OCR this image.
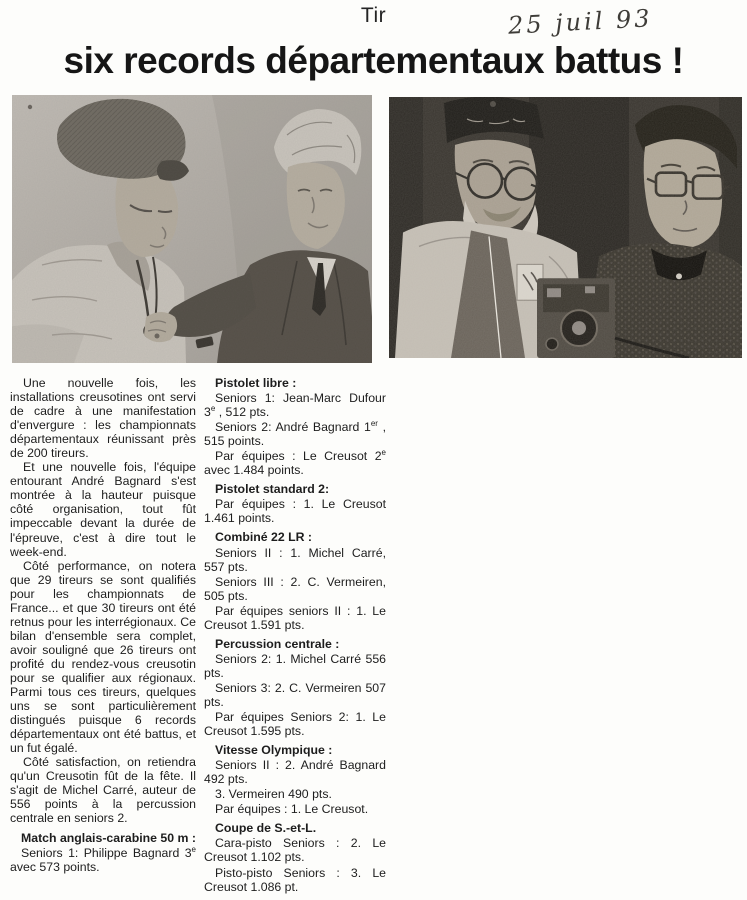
Tir	25 juil 93
six records départementaux battus !

Une nouvelle fois, les installations creusotines ont servi de cadre à une manifestation d'envergure : les championnats départementaux réunissant près de 200 tireurs.

Et une nouvelle fois, l'équipe entourant André Bagnard s'est montrée à la hauteur puisque côté organisation, tout fût impeccable devant la durée de l'épreuve, c'est à dire tout le week-end.

Côté performance, on notera que 29 tireurs se sont qualifiés pour les championnats de France... et que 30 tireurs ont été retnus pour les interrégionaux. Ce bilan d'ensemble sera complet, avoir souligné que 26 tireurs ont profité du rendez-vous creusotin pour se qualifier aux régionaux. Parmi tous ces tireurs, quelques uns se sont particulièrement distingués puisque 6 records départementaux ont été battus, et un fut égalé.

Côté satisfaction, on retiendra qu'un Creusotin fût de la fête. Il s'agit de Michel Carré, auteur de 556 points à la percussion centrale en seniors 2.

Match anglais-carabine 50 m :

Seniors 1: Philippe Bagnard 3e avec 573 points.

Pistolet libre :

Seniors 1: Jean-Marc Dufour 3e , 512 pts.

Seniors 2: André Bagnard 1er , 515 points.

Par équipes : Le Creusot 2e avec 1.484 points.

Pistolet standard 2:

Par équipes : 1. Le Creusot 1.461 points.

Combiné 22 LR :

Seniors II : 1. Michel Carré, 557 pts.

Seniors III : 2. C. Vermeiren, 505 pts.

Par équipes seniors II : 1. Le Creusot 1.591 pts.

Percussion centrale :

Seniors 2: 1. Michel Carré 556 pts.

Seniors 3: 2. C. Vermeiren 507 pts.

Par équipes Seniors 2: 1. Le Creusot 1.595 pts.

Vitesse Olympique :

Seniors II : 2. André Bagnard 492 pts.

3. Vermeiren 490 pts.

Par équipes : 1. Le Creusot.

Coupe de S.-et-L.

Cara-pisto Seniors : 2. Le Creusot 1.102 pts.

Pisto-pisto Seniors : 3. Le Creusot 1.086 pt.
